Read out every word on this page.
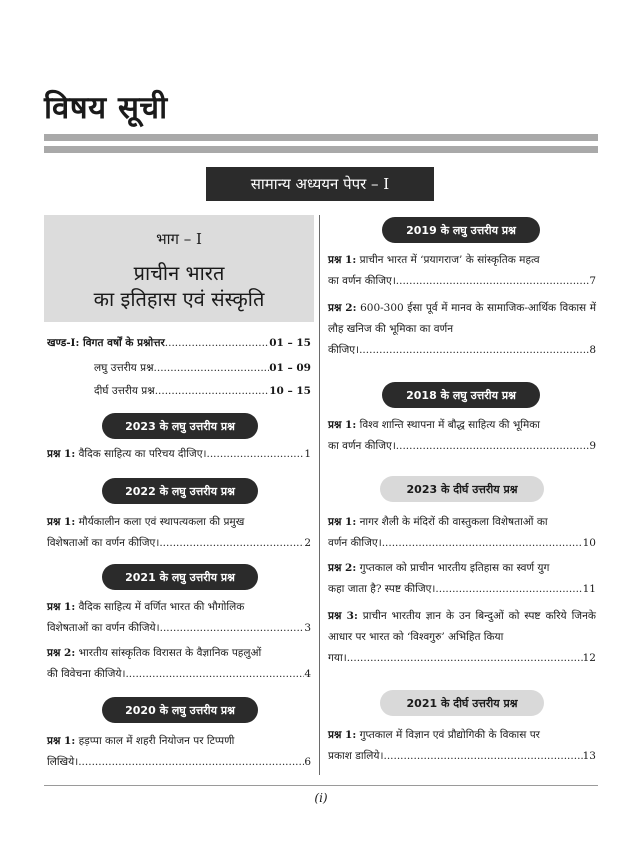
विषय सूची
सामान्य अध्ययन पेपर – I
भाग – I
प्राचीन भारत
का इतिहास एवं संस्कृति
खण्ड-I: विगत वर्षों के प्रश्नोत्तर .....	01 – 15
लघु उत्तरीय प्रश्न .....	01 – 09
दीर्घ उत्तरीय प्रश्न .....	10 – 15
2023 के लघु उत्तरीय प्रश्न
प्रश्न 1:
वैदिक साहित्य का परिचय दीजिए। .....	1
2022 के लघु उत्तरीय प्रश्न
प्रश्न 1: मौर्यकालीन कला एवं स्थापत्यकला की प्रमुख
विशेषताओं का वर्णन कीजिए। .....	2
2021 के लघु उत्तरीय प्रश्न
प्रश्न 1: वैदिक साहित्य में वर्णित भारत की भौगोलिक
विशेषताओं का वर्णन कीजिये। .....	3
प्रश्न 2: भारतीय सांस्कृतिक विरासत के वैज्ञानिक पहलुओं
की विवेचना कीजिये। .....	4
2020 के लघु उत्तरीय प्रश्न
प्रश्न 1: हड़प्पा काल में शहरी नियोजन पर टिप्पणी
लिखिये। .....	6
2019 के लघु उत्तरीय प्रश्न
प्रश्न 1: प्राचीन भारत में ‘प्रयागराज’ के सांस्कृतिक महत्व
का वर्णन कीजिए। .....	7
प्रश्न 2: 600-300 ईसा पूर्व में मानव के सामाजिक-आर्थिक विकास में लौह खनिज की भूमिका का वर्णन
कीजिए। .....	8
2018 के लघु उत्तरीय प्रश्न
प्रश्न 1: विश्व शान्ति स्थापना में बौद्ध साहित्य की भूमिका
का वर्णन कीजिए। .....	9
2023 के दीर्घ उत्तरीय प्रश्न
प्रश्न 1: नागर शैली के मंदिरों की वास्तुकला विशेषताओं का
वर्णन कीजिए। .....	10
प्रश्न 2: गुप्तकाल को प्राचीन भारतीय इतिहास का स्वर्ण युग
कहा जाता है? स्पष्ट कीजिए। .....	11
प्रश्न 3: प्राचीन भारतीय ज्ञान के उन बिन्दुओं को स्पष्ट करिये जिनके आधार पर भारत को ‘विश्वगुरु’ अभिहित किया
गया। .....	12
2021 के दीर्घ उत्तरीय प्रश्न
प्रश्न 1: गुप्तकाल में विज्ञान एवं प्रौद्योगिकी के विकास पर
प्रकाश डालिये। .....	13
(i)
